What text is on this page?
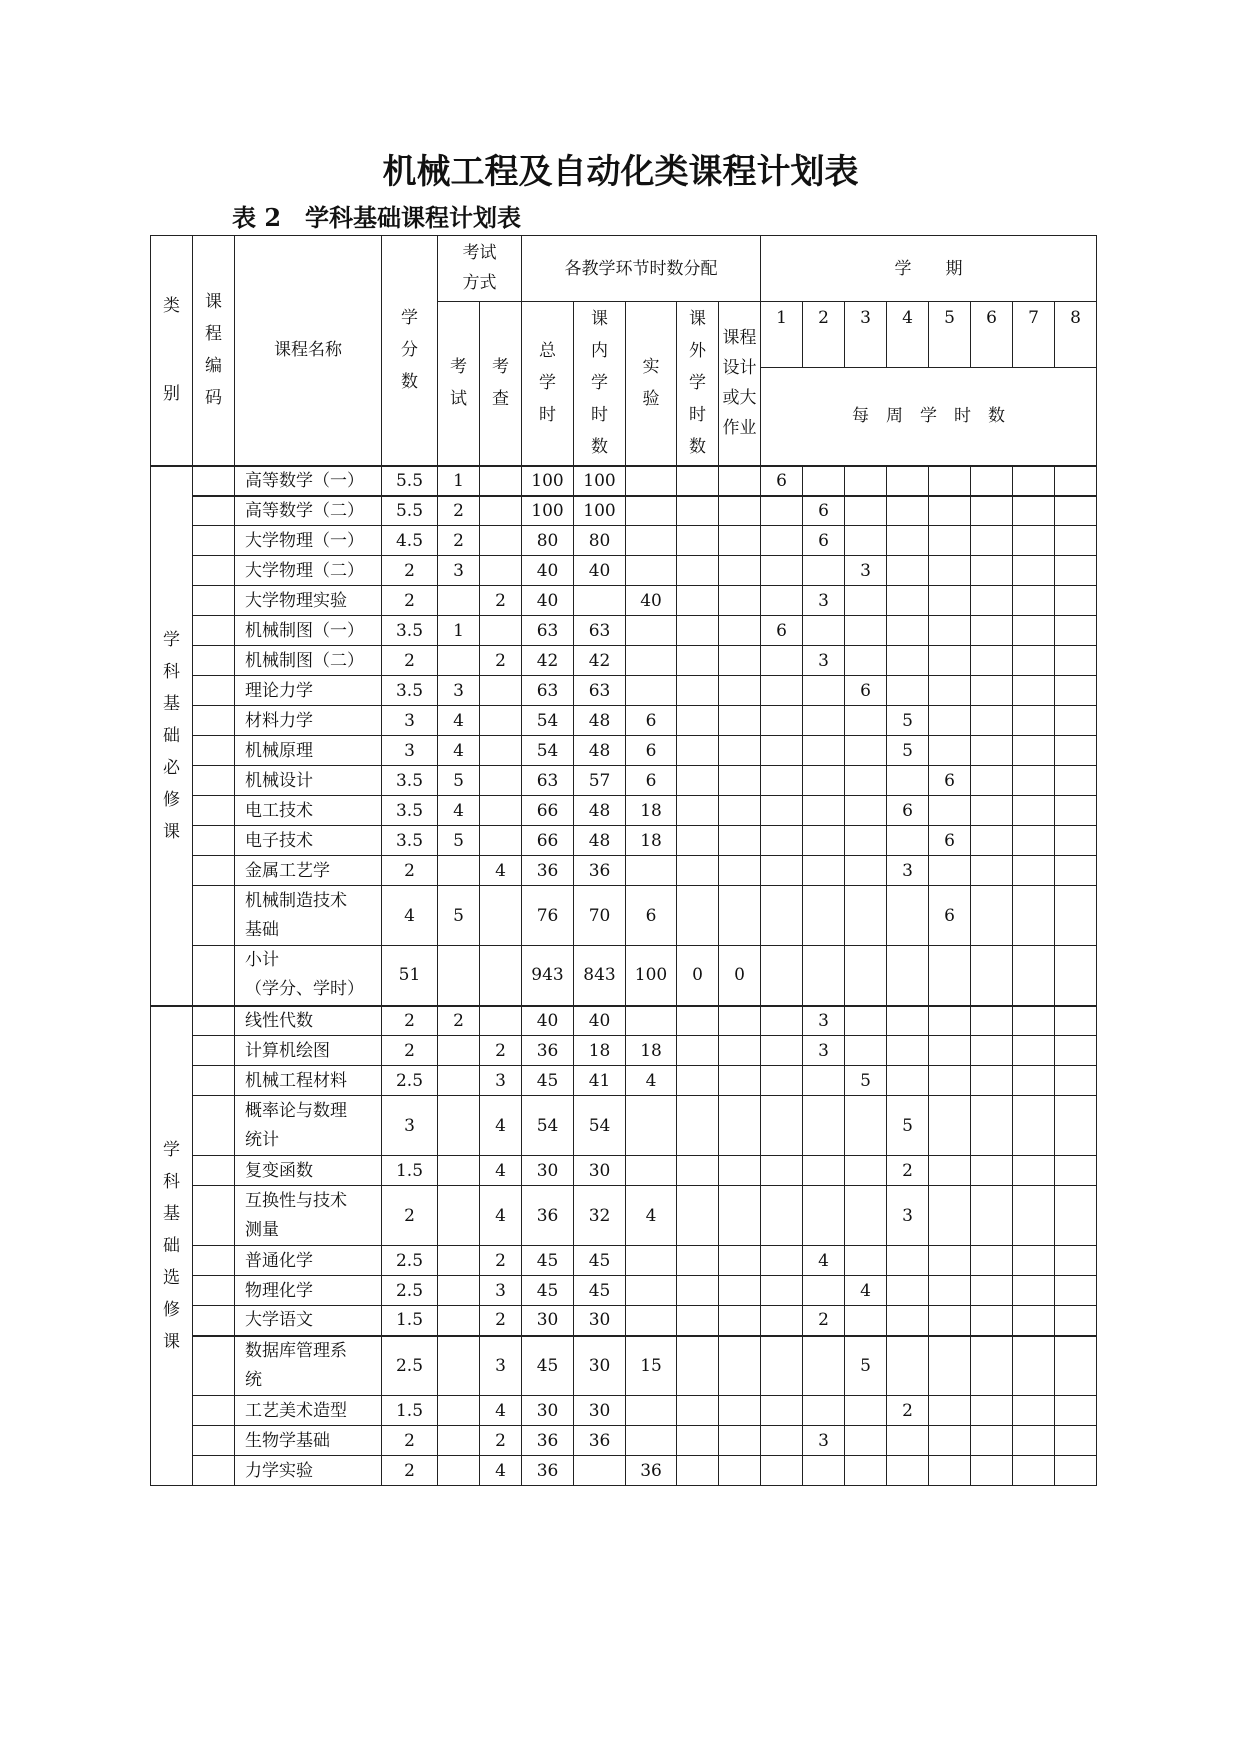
机械工程及自动化类课程计划表

表 2　学科基础课程计划表

类别	课程编码	课程名称	学分数	考试方式		各教学环节时数分配					学　　期							
				考试	考查	总学时	课内学时数	实验	课外学时数	课程设计或大作业	1	2	3	4	5	6	7	8
											每　周　学　时　数							
学科基础必修课		高等数学（一）	5.5	1		100	100				6							

		高等数学（二）	5.5	2		100	100					6						

		大学物理（一）	4.5	2		80	80					6						

		大学物理（二）	2	3		40	40						3					

		大学物理实验	2		2	40		40				3						

		机械制图（一）	3.5	1		63	63				6							

		机械制图（二）	2		2	42	42					3						

		理论力学	3.5	3		63	63						6					

		材料力学	3	4		54	48	6						5				

		机械原理	3	4		54	48	6						5				

		机械设计	3.5	5		63	57	6							6			

		电工技术	3.5	4		66	48	18						6				

		电子技术	3.5	5		66	48	18							6			

		金属工艺学	2		4	36	36							3				

		机械制造技术
基础	4	5		76	70	6							6			

		小计
（学分、学时）	51			943	843	100	0	0								
学科基础选修课		线性代数	2	2		40	40					3						

		计算机绘图	2		2	36	18	18				3						

		机械工程材料	2.5		3	45	41	4					5					

		概率论与数理
统计	3		4	54	54							5				

		复变函数	1.5		4	30	30							2				

		互换性与技术
测量	2		4	36	32	4						3				

		普通化学	2.5		2	45	45					4						

		物理化学	2.5		3	45	45						4					

		大学语文	1.5		2	30	30					2						

		数据库管理系
统	2.5		3	45	30	15					5					

		工艺美术造型	1.5		4	30	30							2				

		生物学基础	2		2	36	36					3						

		力学实验	2		4	36		36										
